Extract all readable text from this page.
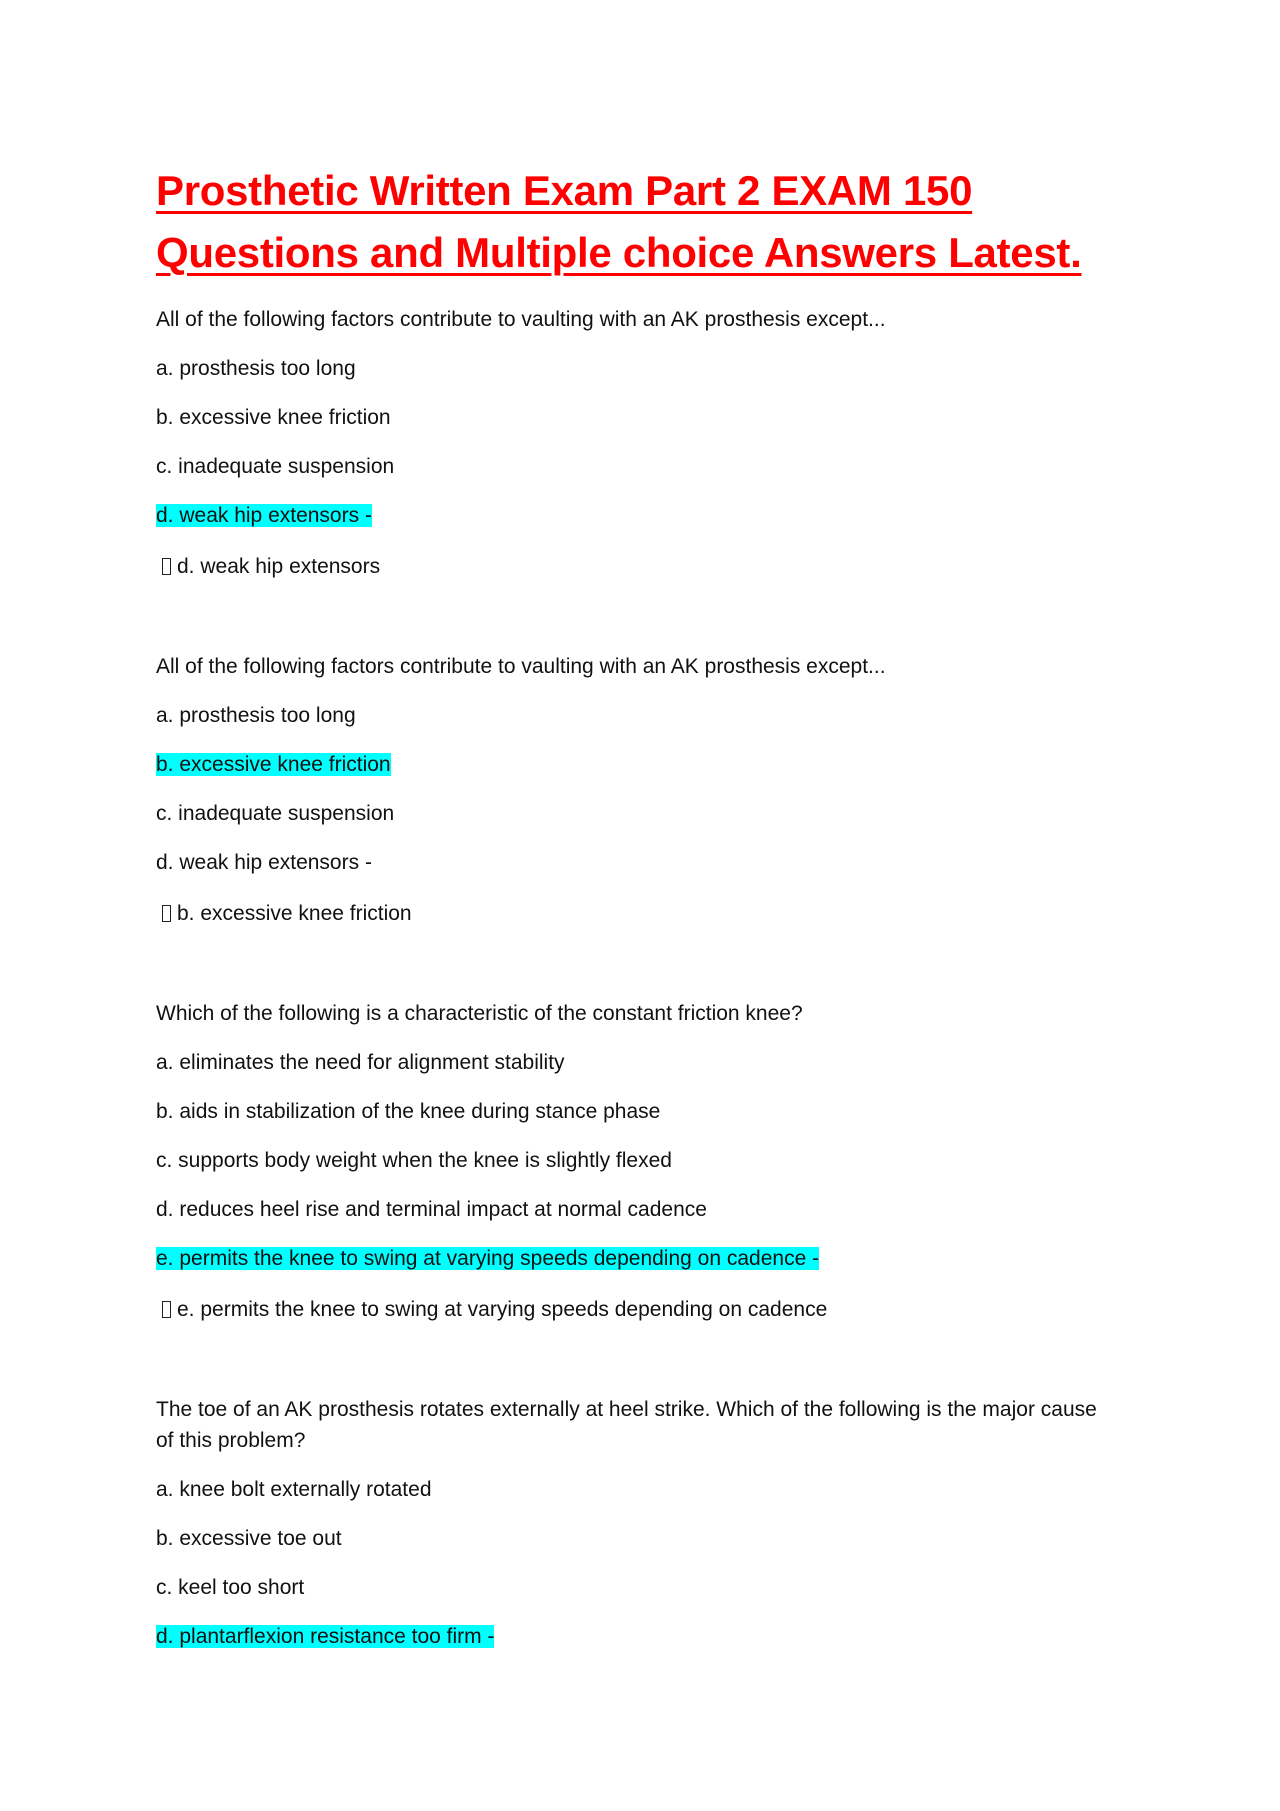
Prosthetic Written Exam Part 2 EXAM 150
Questions and Multiple choice Answers Latest.

All of the following factors contribute to vaulting with an AK prosthesis except...

a. prosthesis too long

b. excessive knee friction

c. inadequate suspension

d. weak hip extensors -

d. weak hip extensors

All of the following factors contribute to vaulting with an AK prosthesis except...

a. prosthesis too long

b. excessive knee friction

c. inadequate suspension

d. weak hip extensors -

b. excessive knee friction

Which of the following is a characteristic of the constant friction knee?

a. eliminates the need for alignment stability

b. aids in stabilization of the knee during stance phase

c. supports body weight when the knee is slightly flexed

d. reduces heel rise and terminal impact at normal cadence

e. permits the knee to swing at varying speeds depending on cadence -

e. permits the knee to swing at varying speeds depending on cadence

The toe of an AK prosthesis rotates externally at heel strike. Which of the following is the major cause of this problem?

a. knee bolt externally rotated

b. excessive toe out

c. keel too short

d. plantarflexion resistance too firm -
